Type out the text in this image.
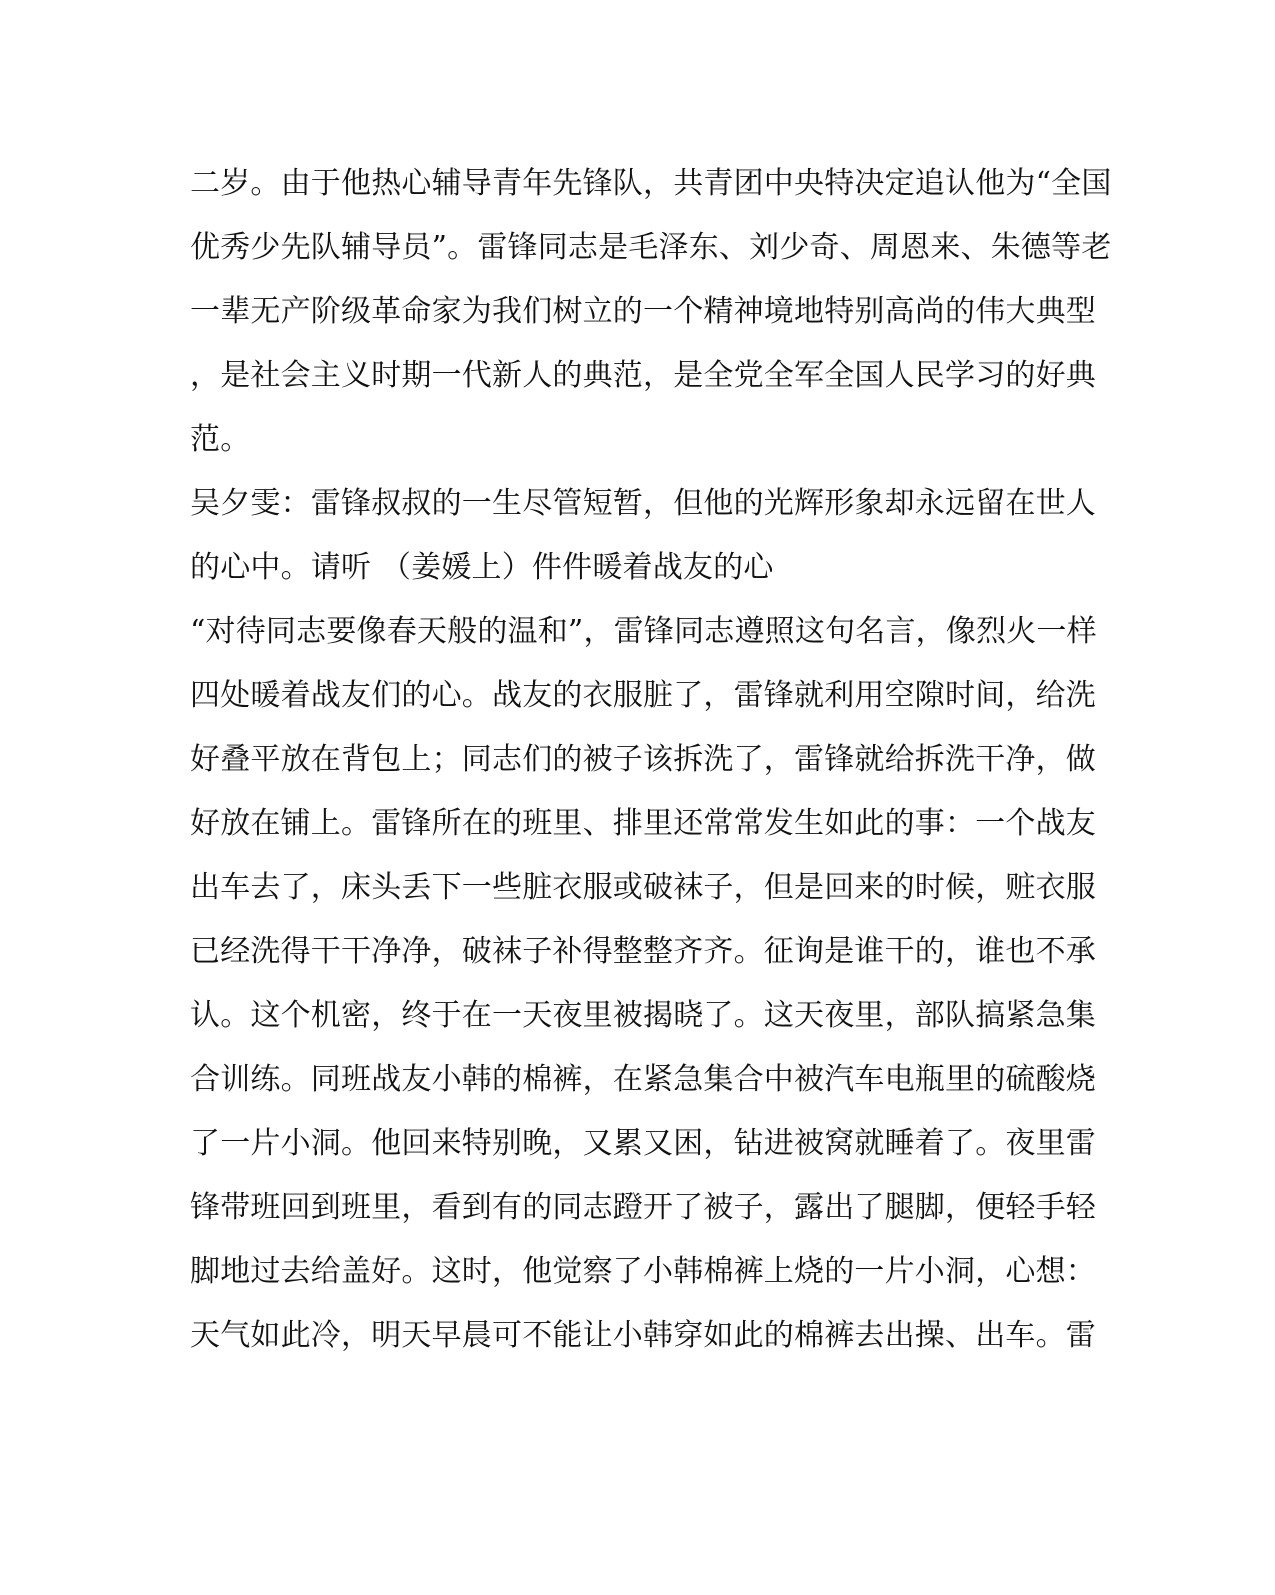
二岁。由于他热心辅导青年先锋队，共青团中央特决定追认他为“全国
优秀少先队辅导员”。雷锋同志是毛泽东、刘少奇、周恩来、朱德等老
一辈无产阶级革命家为我们树立的一个精神境地特别高尚的伟大典型
，是社会主义时期一代新人的典范，是全党全军全国人民学习的好典
范。
吴夕雯：雷锋叔叔的一生尽管短暂，但他的光辉形象却永远留在世人
的心中。请听 （姜媛上）件件暖着战友的心
“对待同志要像春天般的温和”，雷锋同志遵照这句名言，像烈火一样
四处暖着战友们的心。战友的衣服脏了，雷锋就利用空隙时间，给洗
好叠平放在背包上；同志们的被子该拆洗了，雷锋就给拆洗干净，做
好放在铺上。雷锋所在的班里、排里还常常发生如此的事：一个战友
出车去了，床头丢下一些脏衣服或破袜子，但是回来的时候，赃衣服
已经洗得干干净净，破袜子补得整整齐齐。征询是谁干的，谁也不承
认。这个机密，终于在一天夜里被揭晓了。这天夜里，部队搞紧急集
合训练。同班战友小韩的棉裤，在紧急集合中被汽车电瓶里的硫酸烧
了一片小洞。他回来特别晚，又累又困，钻进被窝就睡着了。夜里雷
锋带班回到班里，看到有的同志蹬开了被子，露出了腿脚，便轻手轻
脚地过去给盖好。这时，他觉察了小韩棉裤上烧的一片小洞，心想：
天气如此冷，明天早晨可不能让小韩穿如此的棉裤去出操、出车。雷
